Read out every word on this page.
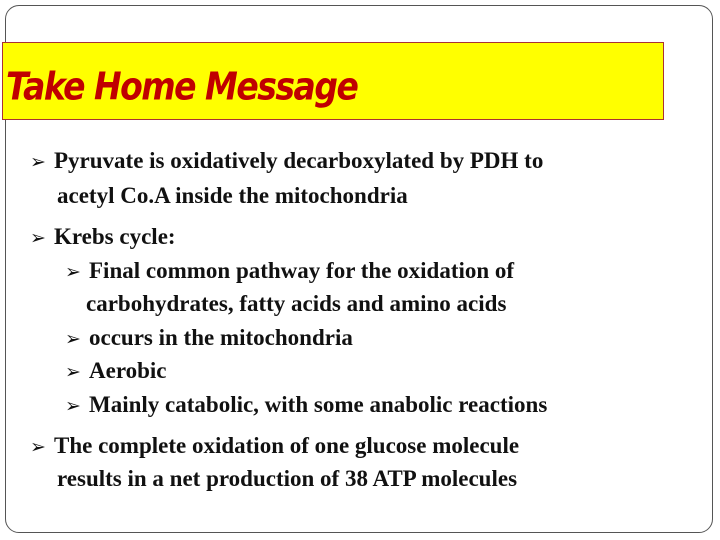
Take Home Message
➢ Pyruvate is oxidatively decarboxylated by PDH to
acetyl Co.A inside the mitochondria
➢ Krebs cycle:
➢ Final common pathway for the oxidation of
carbohydrates, fatty acids and amino acids
➢ occurs in the mitochondria
➢ Aerobic
➢ Mainly catabolic, with some anabolic reactions
➢ The complete oxidation of one glucose molecule
results in a net production of 38 ATP molecules
